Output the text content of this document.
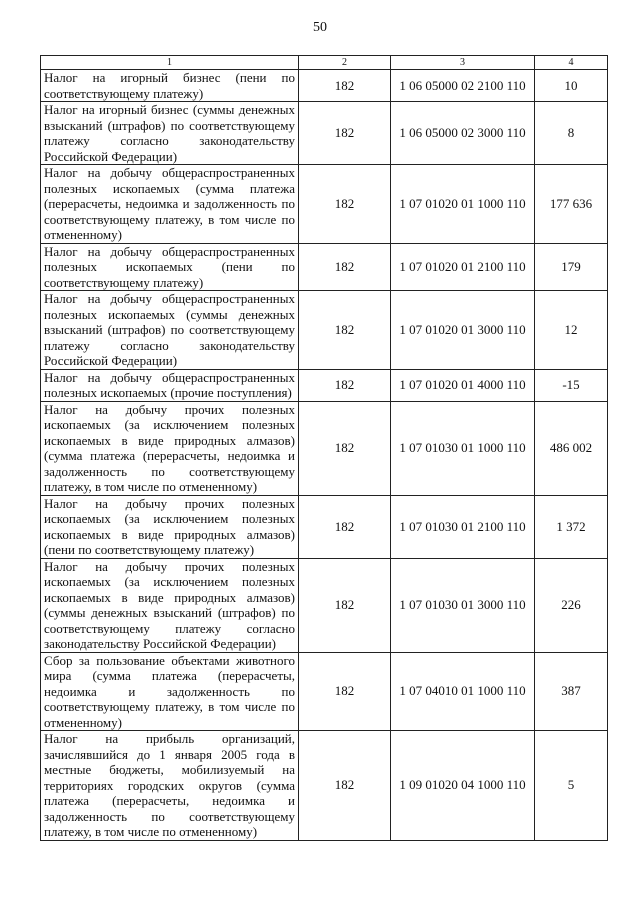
50
1	2	3	4
Налог на игорный бизнес (пени по соответствующему платежу)	182	1 06 05000 02 2100 110	10
Налог на игорный бизнес (суммы денежных взысканий (штрафов) по соответствующему платежу согласно законодательству Российской Федерации)	182	1 06 05000 02 3000 110	8
Налог на добычу общераспространенных полезных ископаемых (сумма платежа (перерасчеты, недоимка и задолженность по соответствующему платежу, в том числе по отмененному)	182	1 07 01020 01 1000 110	177 636
Налог на добычу общераспространенных полезных ископаемых (пени по соответствующему платежу)	182	1 07 01020 01 2100 110	179
Налог на добычу общераспространенных полезных ископаемых (суммы денежных взысканий (штрафов) по соответствующему платежу согласно законодательству Российской Федерации)	182	1 07 01020 01 3000 110	12
Налог на добычу общераспространенных полезных ископаемых (прочие поступления)	182	1 07 01020 01 4000 110	-15
Налог на добычу прочих полезных ископаемых (за исключением полезных ископаемых в виде природных алмазов) (сумма платежа (перерасчеты, недоимка и задолженность по соответствующему платежу, в том числе по отмененному)	182	1 07 01030 01 1000 110	486 002
Налог на добычу прочих полезных ископаемых (за исключением полезных ископаемых в виде природных алмазов) (пени по соответствующему платежу)	182	1 07 01030 01 2100 110	1 372
Налог на добычу прочих полезных ископаемых (за исключением полезных ископаемых в виде природных алмазов) (суммы денежных взысканий (штрафов) по соответствующему платежу согласно законодательству Российской Федерации)	182	1 07 01030 01 3000 110	226
Сбор за пользование объектами животного мира (сумма платежа (перерасчеты, недоимка и задолженность по соответствующему платежу, в том числе по отмененному)	182	1 07 04010 01 1000 110	387
Налог на прибыль организаций, зачислявшийся до 1 января 2005 года в местные бюджеты, мобилизуемый на территориях городских округов (сумма платежа (перерасчеты, недоимка и задолженность по соответствующему платежу, в том числе по отмененному)	182	1 09 01020 04 1000 110	5
